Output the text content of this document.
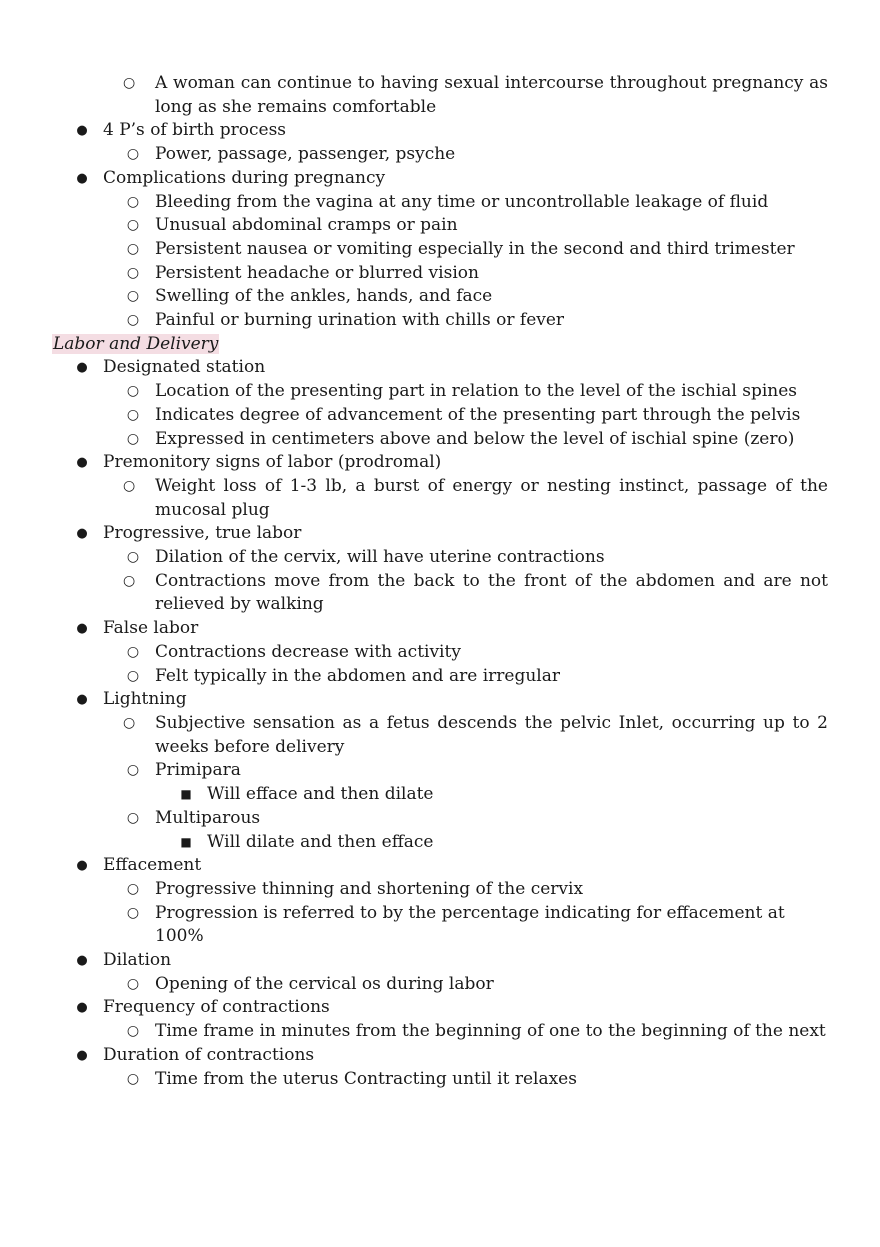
○	A woman can continue to having sexual intercourse throughout pregnancy as long as she remains comfortable
● 4 P’s of birth process
○ Power, passage, passenger, psyche
● Complications during pregnancy
○ Bleeding from the vagina at any time or uncontrollable leakage of fluid
○ Unusual abdominal cramps or pain
○ Persistent nausea or vomiting especially in the second and third trimester
○ Persistent headache or blurred vision
○ Swelling of the ankles, hands, and face
○ Painful or burning urination with chills or fever
Labor and Delivery
● Designated station
○ Location of the presenting part in relation to the level of the ischial spines
○ Indicates degree of advancement of the presenting part through the pelvis
○ Expressed in centimeters above and below the level of ischial spine (zero)
● Premonitory signs of labor (prodromal)
○	Weight loss of 1-3 lb, a burst of energy or nesting instinct, passage of the mucosal plug
● Progressive, true labor
○ Dilation of the cervix, will have uterine contractions
○	Contractions move from the back to the front of the abdomen and are not relieved by walking
● False labor
○ Contractions decrease with activity
○ Felt typically in the abdomen and are irregular
● Lightning
○	Subjective sensation as a fetus descends the pelvic Inlet, occurring up to 2 weeks before delivery
○ Primipara
■ Will efface and then dilate
○ Multiparous
■ Will dilate and then efface
● Effacement
○ Progressive thinning and shortening of the cervix
○ Progression is referred to by the percentage indicating for effacement at 100%
● Dilation
○ Opening of the cervical os during labor
● Frequency of contractions
○ Time frame in minutes from the beginning of one to the beginning of the next
● Duration of contractions
○ Time from the uterus Contracting until it relaxes
